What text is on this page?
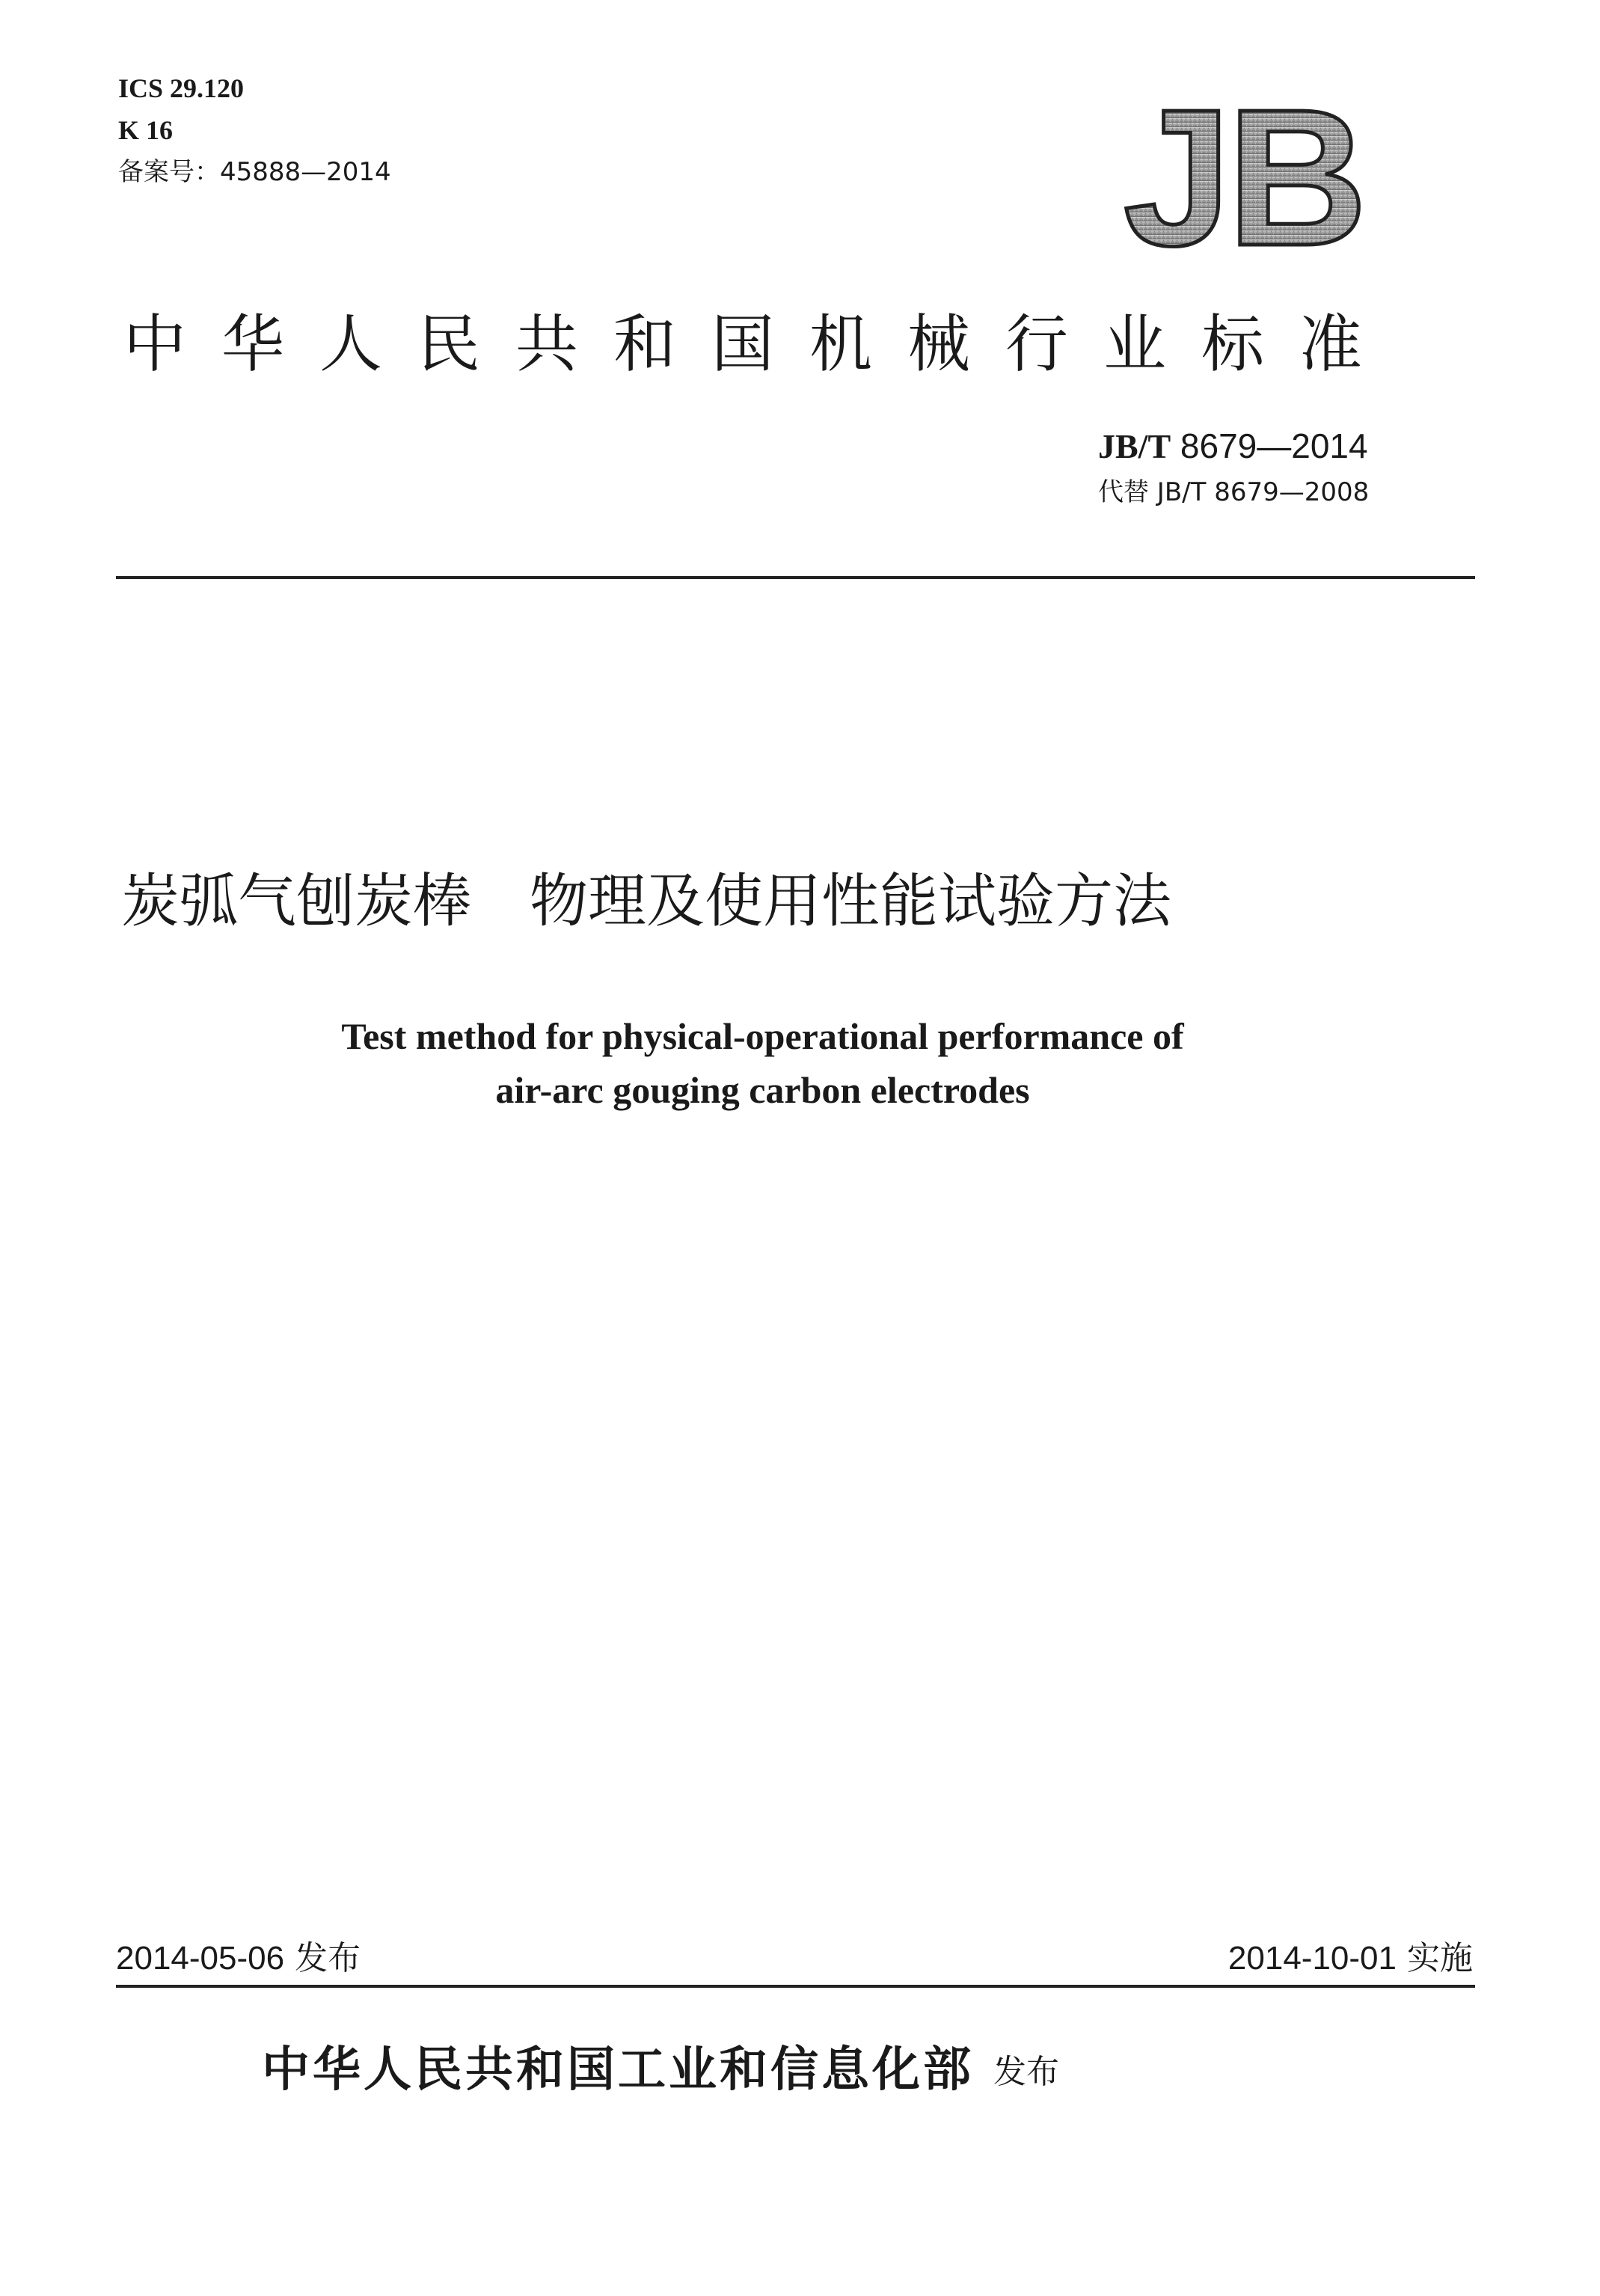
ICS 29.120
K 16
备案号：45888—2014	JB
中华人民共和国机械行业标准
JB/T 8679—2014
代替 JB/T 8679—2008
炭弧气刨炭棒　物理及使用性能试验方法
Test method for physical-operational performance of
air-arc gouging carbon electrodes
2014-05-06 发布	2014-10-01 实施
中华人民共和国工业和信息化部 发布
